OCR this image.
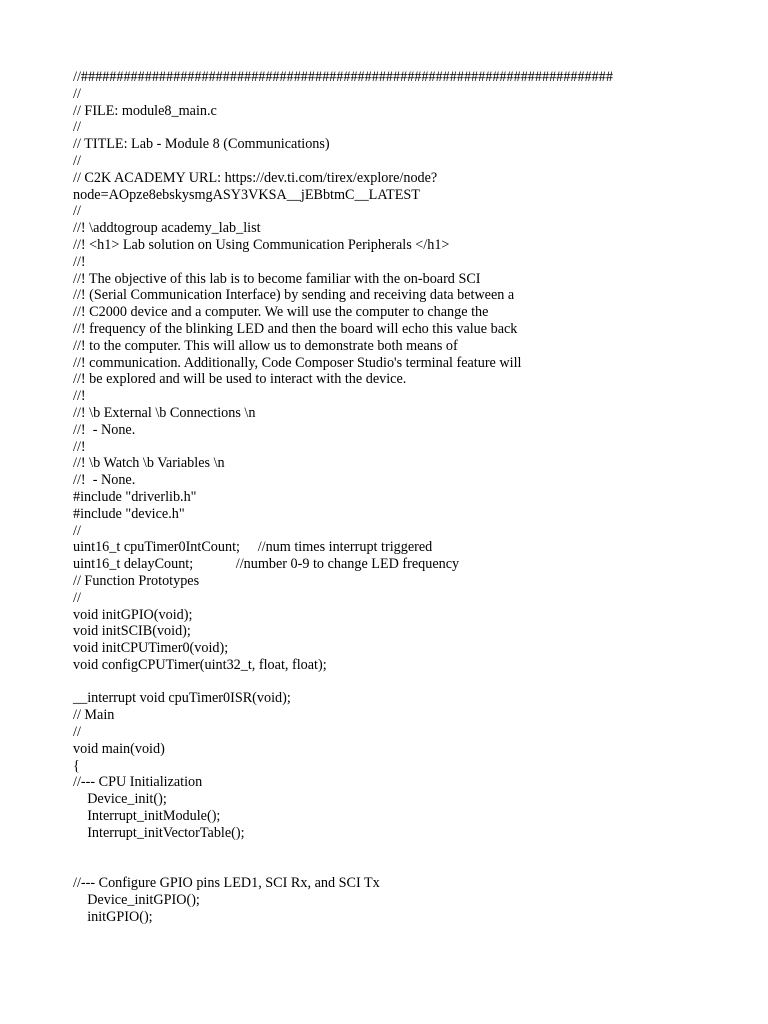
//###########################################################################
//
// FILE: module8_main.c
//
// TITLE: Lab - Module 8 (Communications)
//
// C2K ACADEMY URL: https://dev.ti.com/tirex/explore/node?
node=AOpze8ebskysmgASY3VKSA__jEBbtmC__LATEST
//
//! \addtogroup academy_lab_list
//! <h1> Lab solution on Using Communication Peripherals </h1>
//!
//! The objective of this lab is to become familiar with the on-board SCI
//! (Serial Communication Interface) by sending and receiving data between a
//! C2000 device and a computer. We will use the computer to change the
//! frequency of the blinking LED and then the board will echo this value back
//! to the computer. This will allow us to demonstrate both means of
//! communication. Additionally, Code Composer Studio's terminal feature will
//! be explored and will be used to interact with the device.
//!
//! \b External \b Connections \n
//!  - None.
//!
//! \b Watch \b Variables \n
//!  - None.
#include "driverlib.h"
#include "device.h"
//
uint16_t cpuTimer0IntCount;     //num times interrupt triggered
uint16_t delayCount;            //number 0-9 to change LED frequency
// Function Prototypes
//
void initGPIO(void);
void initSCIB(void);
void initCPUTimer0(void);
void configCPUTimer(uint32_t, float, float);
__interrupt void cpuTimer0ISR(void);
// Main
//
void main(void)
{
//--- CPU Initialization
Device_init();
Interrupt_initModule();
Interrupt_initVectorTable();
//--- Configure GPIO pins LED1, SCI Rx, and SCI Tx
Device_initGPIO();
initGPIO();
